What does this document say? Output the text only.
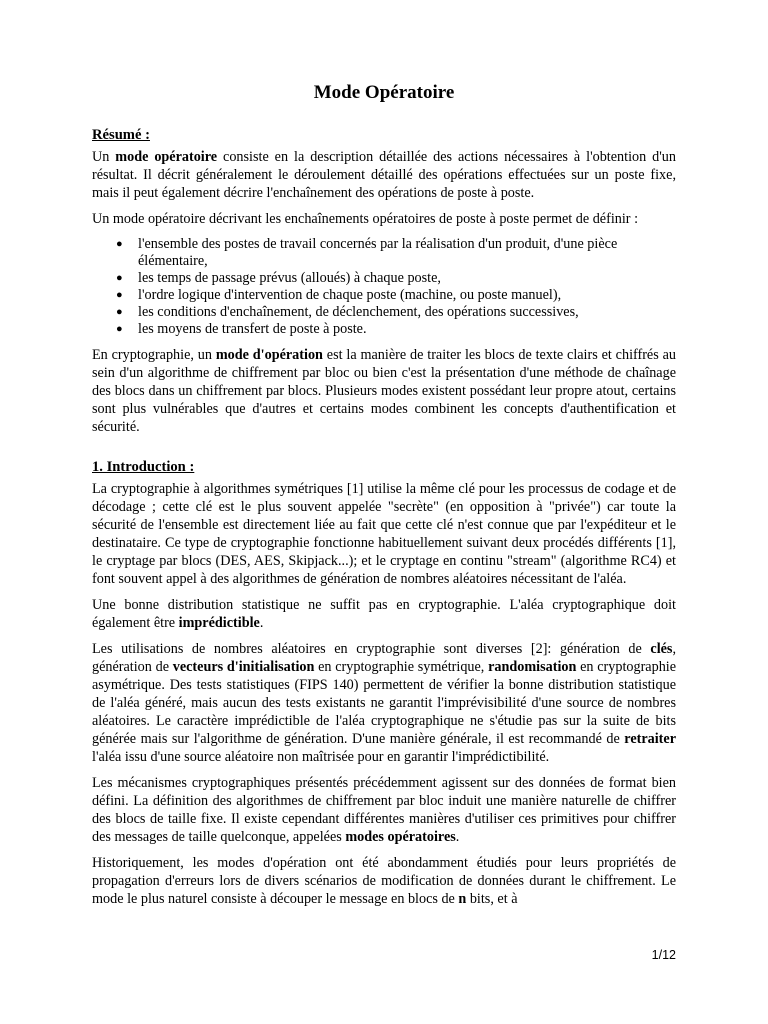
Mode Opératoire
Résumé :

Un mode opératoire consiste en la description détaillée des actions nécessaires à l'obtention d'un résultat. Il décrit généralement le déroulement détaillé des opérations effectuées sur un poste fixe, mais il peut également décrire l'enchaînement des opérations de poste à poste.

Un mode opératoire décrivant les enchaînements opératoires de poste à poste permet de définir :

● l'ensemble des postes de travail concernés par la réalisation d'un produit, d'une pièce élémentaire,
● les temps de passage prévus (alloués) à chaque poste,
● l'ordre logique d'intervention de chaque poste (machine, ou poste manuel),
● les conditions d'enchaînement, de déclenchement, des opérations successives,
● les moyens de transfert de poste à poste.

En cryptographie, un mode d'opération est la manière de traiter les blocs de texte clairs et chiffrés au sein d'un algorithme de chiffrement par bloc ou bien c'est la présentation d'une méthode de chaînage des blocs dans un chiffrement par blocs. Plusieurs modes existent possédant leur propre atout, certains sont plus vulnérables que d'autres et certains modes combinent les concepts d'authentification et sécurité.

1. Introduction :

La cryptographie à algorithmes symétriques [1] utilise la même clé pour les processus de codage et de décodage ; cette clé est le plus souvent appelée "secrète" (en opposition à "privée") car toute la sécurité de l'ensemble est directement liée au fait que cette clé n'est connue que par l'expéditeur et le destinataire. Ce type de cryptographie fonctionne habituellement suivant deux procédés différents [1], le cryptage par blocs (DES, AES, Skipjack...); et le cryptage en continu "stream" (algorithme RC4) et font souvent appel à des algorithmes de génération de nombres aléatoires nécessitant de l'aléa.

Une bonne distribution statistique ne suffit pas en cryptographie. L'aléa cryptographique doit également être imprédictible.

Les utilisations de nombres aléatoires en cryptographie sont diverses [2]: génération de clés, génération de vecteurs d'initialisation en cryptographie symétrique, randomisation en cryptographie asymétrique. Des tests statistiques (FIPS 140) permettent de vérifier la bonne distribution statistique de l'aléa généré, mais aucun des tests existants ne garantit l'imprévisibilité d'une source de nombres aléatoires. Le caractère imprédictible de l'aléa cryptographique ne s'étudie pas sur la suite de bits générée mais sur l'algorithme de génération. D'une manière générale, il est recommandé de retraiter l'aléa issu d'une source aléatoire non maîtrisée pour en garantir l'imprédictibilité.

Les mécanismes cryptographiques présentés précédemment agissent sur des données de format bien défini. La définition des algorithmes de chiffrement par bloc induit une manière naturelle de chiffrer des blocs de taille fixe. Il existe cependant différentes manières d'utiliser ces primitives pour chiffrer des messages de taille quelconque, appelées modes opératoires.

Historiquement, les modes d'opération ont été abondamment étudiés pour leurs propriétés de propagation d'erreurs lors de divers scénarios de modification de données durant le chiffrement. Le mode le plus naturel consiste à découper le message en blocs de n bits, et à

1/12
